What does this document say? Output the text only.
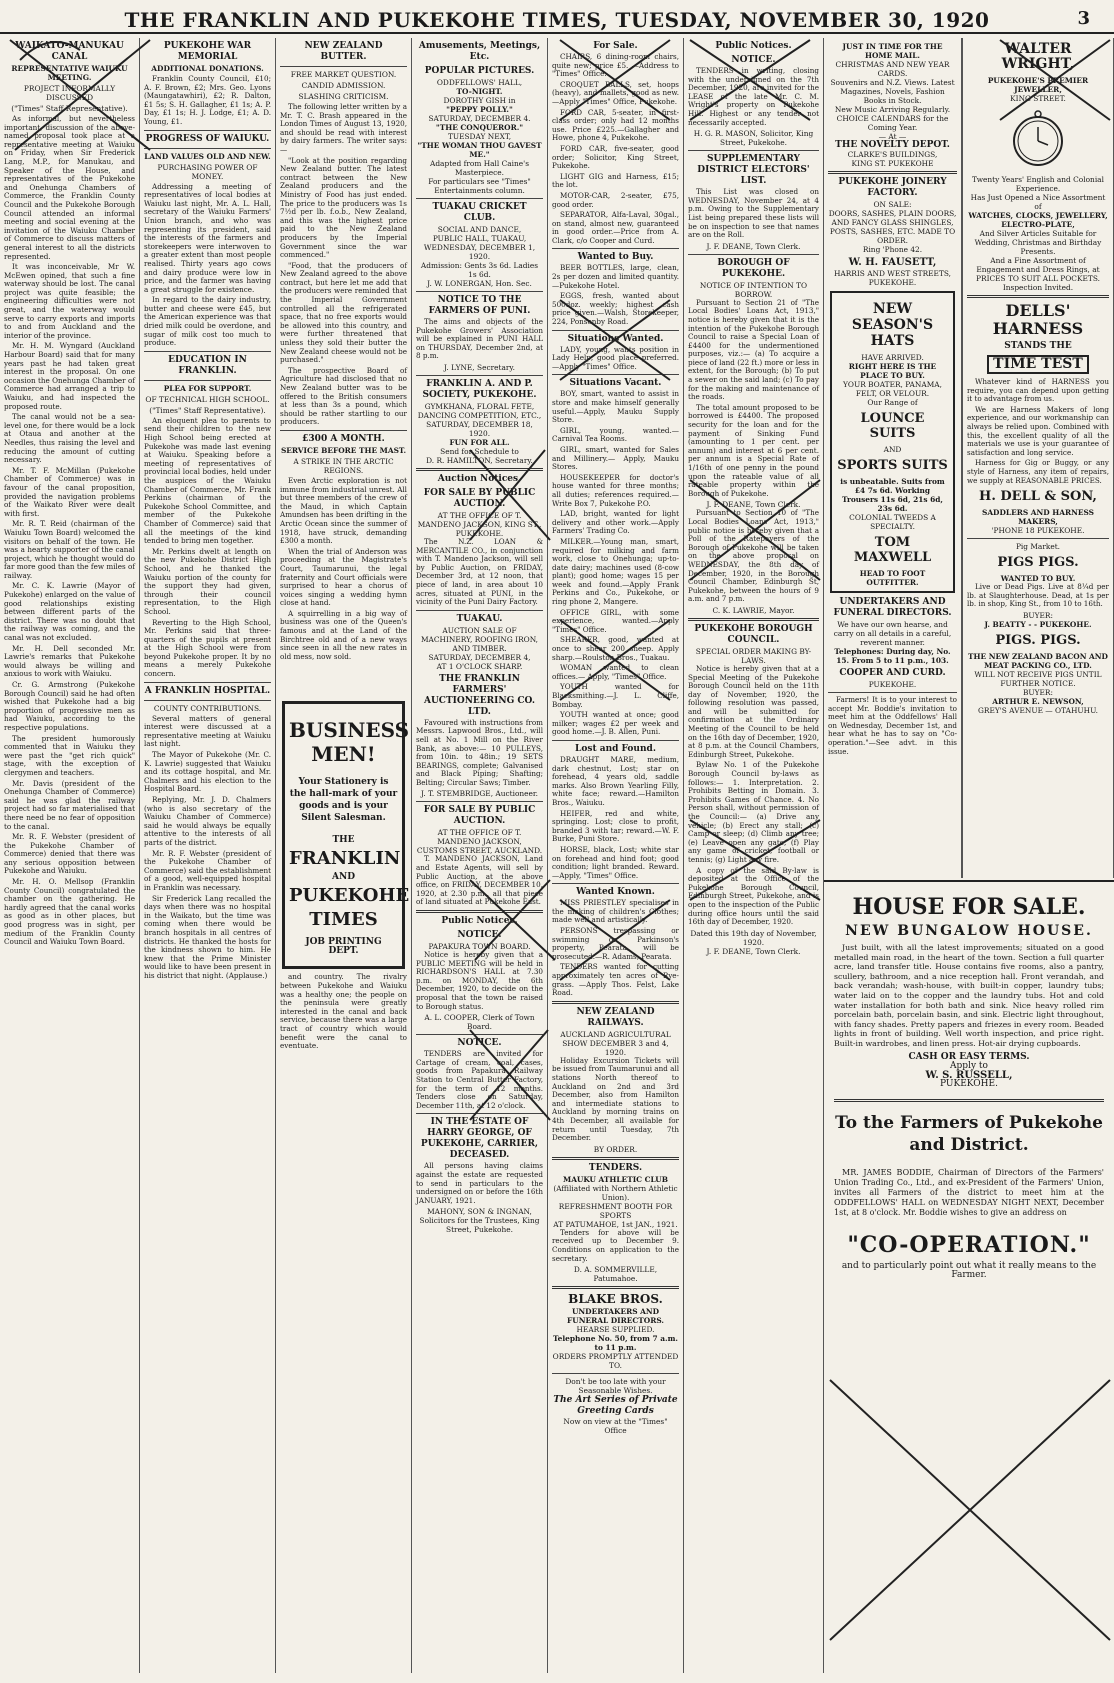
THE FRANKLIN AND PUKEKOHE TIMES, TUESDAY, NOVEMBER 30, 1920	3
WAIKATO-MANUKAU CANAL
REPRESENTATIVE WAIUKU MEETING.
PROJECT INFORMALLY DISCUSSED
("Times" Staff Representative).

As informal, but nevertheless important, discussion of the above-named proposal took place at a representative meeting at Waiuku on Friday, when Sir Frederick Lang, M.P., for Manukau, and Speaker of the House, and representatives of the Pukekohe and Onehunga Chambers of Commerce, the Franklin County Council and the Pukekohe Borough Council attended an informal meeting and social evening at the invitation of the Waiuku Chamber of Commerce to discuss matters of general interest to all the districts represented.

It was inconceivable, Mr W. McEwen opined, that such a fine waterway should be lost. The canal project was quite feasible; the engineering difficulties were not great, and the waterway would serve to carry exports and imports to and from Auckland and the interior of the province.

Mr. H. M. Wyngard (Auckland Harbour Board) said that for many years past he had taken great interest in the proposal. On one occasion the Onehunga Chamber of Commerce had arranged a trip to Waiuku, and had inspected the proposed route.

The canal would not be a sea-level one, for there would be a lock at Otaua and another at the Needles, thus raising the level and reducing the amount of cutting necessary.

Mr. T. F. McMillan (Pukekohe Chamber of Commerce) was in favour of the canal proposition, provided the navigation problems of the Waikato River were dealt with first.

Mr. R. T. Reid (chairman of the Waiuku Town Board) welcomed the visitors on behalf of the town. He was a hearty supporter of the canal project, which he thought would do far more good than the few miles of railway.

Mr. C. K. Lawrie (Mayor of Pukekohe) enlarged on the value of good relationships existing between different parts of the district. There was no doubt that the railway was coming, and the canal was not excluded.

Mr. H. Dell seconded Mr. Lawrie's remarks that Pukekohe would always be willing and anxious to work with Waiuku.

Cr. G. Armstrong (Pukekohe Borough Council) said he had often wished that Pukekohe had a big proportion of progressive men as had Waiuku, according to the respective populations.

The president humorously commented that in Waiuku they were past the "get rich quick" stage, with the exception of clergymen and teachers.

Mr. Davis (president of the Onehunga Chamber of Commerce) said he was glad the railway project had so far materialised that there need be no fear of opposition to the canal.

Mr. R. F. Webster (president of the Pukekohe Chamber of Commerce) denied that there was any serious opposition between Pukekohe and Waiuku.

Mr. H. O. Mellsop (Franklin County Council) congratulated the chamber on the gathering. He hardly agreed that the canal works as good as in other places, but good progress was in sight, per medium of the Franklin County Council and Waiuku Town Board.

PUKEKOHE WAR MEMORIAL
ADDITIONAL DONATIONS.

Franklin County Council, £10; A. F. Brown, £2; Mrs. Geo. Lyons (Maungatawhiri), £2; R. Dalton, £1 5s; S. H. Gallagher, £1 1s; A. P. Day, £1 1s; H. J. Lodge, £1; A. D. Young, £1.

PROGRESS OF WAIUKU.
LAND VALUES OLD AND NEW.
PURCHASING POWER OF MONEY.

Addressing a meeting of representatives of local bodies at Waiuku last night, Mr. A. L. Hall, secretary of the Waiuku Farmers' Union branch, and who was representing its president, said the interests of the farmers and storekeepers were interwoven to a greater extent than most people realised. Thirty years ago cows and dairy produce were low in price, and the farmer was having a great struggle for existence.

In regard to the dairy industry, butter and cheese were £45, but the American experience was that dried milk could be overdone, and sugar of milk cost too much to produce.

EDUCATION IN FRANKLIN.
PLEA FOR SUPPORT.
OF TECHNICAL HIGH SCHOOL.
("Times" Staff Representative).

An eloquent plea to parents to send their children to the new High School being erected at Pukekohe was made last evening at Waiuku. Speaking before a meeting of representatives of provincial local bodies, held under the auspices of the Waiuku Chamber of Commerce, Mr. Frank Perkins (chairman of the Pukekohe School Committee, and member of the Pukekohe Chamber of Commerce) said that all the meetings of the kind tended to bring men together.

Mr. Perkins dwelt at length on the new Pukekohe District High School, and he thanked the Waiuku portion of the county for the support they had given, through their council representation, to the High School.

Reverting to the High School, Mr. Perkins said that three-quarters of the pupils at present at the High School were from beyond Pukekohe proper. It by no means a merely Pukekohe concern.

A FRANKLIN HOSPITAL.
COUNTY CONTRIBUTIONS.

Several matters of general interest were discussed at a representative meeting at Waiuku last night.

The Mayor of Pukekohe (Mr. C. K. Lawrie) suggested that Waiuku and its cottage hospital, and Mr. Chalmers and his election to the Hospital Board.

Replying, Mr. J. D. Chalmers (who is also secretary of the Waiuku Chamber of Commerce) said he would always be equally attentive to the interests of all parts of the district.

Mr. R. F. Webster (president of the Pukekohe Chamber of Commerce) said the establishment of a good, well-equipped hospital in Franklin was necessary.

Sir Frederick Lang recalled the days when there was no hospital in the Waikato, but the time was coming when there would be branch hospitals in all centres of districts. He thanked the hosts for the kindness shown to him. He knew that the Prime Minister would like to have been present in his district that night. (Applause.)

NEW ZEALAND BUTTER.
FREE MARKET QUESTION.
CANDID ADMISSION.
SLASHING CRITICISM.

The following letter written by a Mr. T. C. Brash appeared in the London Times of August 13, 1920, and should be read with interest by dairy farmers. The writer says:—

"Look at the position regarding New Zealand butter. The latest contract between the New Zealand producers and the Ministry of Food has just ended. The price to the producers was 1s 7½d per lb. f.o.b., New Zealand, and this was the highest price paid to the New Zealand producers by the Imperial Government since the war commenced."

"Food, that the producers of New Zealand agreed to the above contract, but here let me add that the producers were reminded that the Imperial Government controlled all the refrigerated space, that no free exports would be allowed into this country, and were further threatened that unless they sold their butter the New Zealand cheese would not be purchased."

The prospective Board of Agriculture had disclosed that no New Zealand butter was to be offered to the British consumers at less than 3s a pound, which should be rather startling to our producers.

£300 A MONTH.
SERVICE BEFORE THE MAST.
A STRIKE IN THE ARCTIC REGIONS.

Even Arctic exploration is not immune from industrial unrest. All but three members of the crew of the Maud, in which Captain Amundsen has been drifting in the Arctic Ocean since the summer of 1918, have struck, demanding £300 a month.

When the trial of Anderson was proceeding at the Magistrate's Court, Taumarunui, the legal fraternity and Court officials were surprised to hear a chorus of voices singing a wedding hymn close at hand.

A squirrelling in a big way of business was one of the Queen's famous and at the Land of the Birchtree old and of a new ways since seen in all the new rates in old mess, now sold.

BUSINESS MEN!
Your Stationery is the hall-mark of your goods and is your Silent Salesman.
THE
FRANKLIN
AND
PUKEKOHE
TIMES
JOB PRINTING DEPT.

and country. The rivalry between Pukekohe and Waiuku was a healthy one; the people on the peninsula were greatly interested in the canal and back service, because there was a large tract of country which would benefit were the canal to eventuate.

Amusements, Meetings, Etc.
POPULAR PICTURES.
ODDFELLOWS' HALL,
TO-NIGHT.
DOROTHY GISH in
"PEPPY POLLY."
SATURDAY, DECEMBER 4.
"THE CONQUEROR."
TUESDAY NEXT,
"THE WOMAN THOU GAVEST ME."
Adapted from Hall Caine's Masterpiece.
For particulars see "Times" Entertainments column.
TUAKAU CRICKET CLUB.
SOCIAL AND DANCE,
PUBLIC HALL, TUAKAU,
WEDNESDAY, DECEMBER 1, 1920.
Admission: Gents 3s 6d. Ladies 1s 6d.
J. W. LONERGAN, Hon. Sec.
NOTICE TO THE FARMERS OF PUNI.

The aims and objects of the Pukekohe Growers' Association will be explained in PUNI HALL on THURSDAY, December 2nd, at 8 p.m.

J. LYNE, Secretary.
FRANKLIN A. AND P. SOCIETY, PUKEKOHE.
GYMKHANA, FLORAL FETE, DANCING COMPETITION, ETC.,
SATURDAY, DECEMBER 18, 1920.
FUN FOR ALL.
Send for Schedule to
D. R. HAMILTON, Secretary.
Auction Notices.
FOR SALE BY PUBLIC AUCTION.
AT THE OFFICE OF T. MANDENO JACKSON, KING ST., PUKEKOHE.

The N.Z. LOAN & MERCANTILE CO., in conjunction with T. Mandeno Jackson, will sell by Public Auction, on FRIDAY, December 3rd, at 12 noon, that piece of land, in area about 10 acres, situated at PUNI, in the vicinity of the Puni Dairy Factory.

TUAKAU.
AUCTION SALE OF MACHINERY, ROOFING IRON, AND TIMBER.
SATURDAY, DECEMBER 4,
AT 1 O'CLOCK SHARP.
THE FRANKLIN FARMERS' AUCTIONEERING CO. LTD.

Favoured with instructions from Messrs. Lapwood Bros., Ltd., will sell at No. 1 Mill on the River Bank, as above:— 10 PULLEYS, from 10in. to 48in.; 19 SETS BEARINGS, complete; Galvanised and Black Piping; Shafting; Belting; Circular Saws; Timber.

J. T. STEMBRIDGE, Auctioneer.
FOR SALE BY PUBLIC AUCTION.
AT THE OFFICE OF T. MANDENO JACKSON, CUSTOMS STREET, AUCKLAND.

T. MANDENO JACKSON, Land and Estate Agents, will sell by Public Auction, at the above office, on FRIDAY, DECEMBER 10, 1920, at 2.30 p.m., all that piece of land situated at Pukekohe East.

Public Notices.
NOTICE.
PAPAKURA TOWN BOARD.

Notice is hereby given that a PUBLIC MEETING will be held in RICHARDSON'S HALL at 7.30 p.m. on MONDAY, the 6th December, 1920, to decide on the proposal that the town be raised to Borough status.

A. L. COOPER, Clerk of Town Board.
NOTICE.

TENDERS are invited for Cartage of cream, coal, cases, goods from Papakura Railway Station to Central Butter Factory, for the term of 12 months. Tenders close on Saturday, December 11th, at 12 o'clock.

IN THE ESTATE OF HARRY GEORGE, OF PUKEKOHE, CARRIER, DECEASED.

All persons having claims against the estate are requested to send in particulars to the undersigned on or before the 16th JANUARY, 1921.

MAHONY, SON & INGNAN, Solicitors for the Trustees, King Street, Pukekohe.
For Sale.

CHAIRS, 6 dining-room chairs, quite new; price £5. —Address to "Times" Office.

CROQUET BALLS, set, hoops (heavy), and mallets, good as new.—Apply "Times" Office, Pukekohe.

FORD CAR, 5-seater, in first-class order; only had 12 months use. Price £225.—Gallagher and Howe, phone 4, Pukekohe.

FORD CAR, five-seater, good order; Solicitor, King Street, Pukekohe.

LIGHT GIG and Harness, £15; the lot.

MOTOR-CAR, 2-seater, £75, good order.

SEPARATOR, Alfa-Laval, 30gal., on stand, almost new, guaranteed in good order.—Price from A. Clark, c/o Cooper and Curd.

Wanted to Buy.

BEER BOTTLES, large, clean, 2s per dozen and limited quantity.—Pukekohe Hotel.

EGGS, fresh, wanted about 500doz. weekly; highest cash price given.—Walsh, Storekeeper, 224, Ponsonby Road.

Situations Wanted.

LADY, young, wants position in Lady Help; good place preferred.—Apply "Times" Office.

Situations Vacant.

BOY, smart, wanted to assist in store and make himself generally useful.—Apply, Mauku Supply Store.

GIRL, young, wanted.— Carnival Tea Rooms.

GIRL, smart, wanted for Sales and Millinery.— Apply, Mauku Stores.

HOUSEKEEPER for doctor's house wanted for three months; all duties; references required.—Write Box 7, Pukekohe P.O.

LAD, bright, wanted for light delivery and other work.—Apply Farmers' Trading Co.

MILKER.—Young man, smart, required for milking and farm work, close to Onehunga; up-to-date dairy; machines used (8-cow plant); good home; wages 15 per week and found.—Apply Frank Perkins and Co., Pukekohe, or ring phone 2, Mangere.

OFFICE GIRL, with some experience, wanted.—Apply "Times" Office.

SHEARER, good, wanted at once to shear 200 sheep. Apply sharp.—Roulston Bros., Tuakau.

WOMAN wanted to clean offices.— Apply, "Times" Office.

YOUTH wanted for Blacksmithing.—J. L. Cliffe, Bombay.

YOUTH wanted at once; good milker; wages £2 per week and good home.—J. B. Allen, Puni.

Lost and Found.

DRAUGHT MARE, medium, dark chestnut, Lost; star on forehead, 4 years old, saddle marks. Also Brown Yearling Filly, white face; reward.—Hamilton Bros., Waiuku.

HEIFER, red and white, springing. Lost; close to profit, branded 3 with tar; reward.—W. F. Burke, Puni Store.

HORSE, black, Lost; white star on forehead and hind foot; good condition; light branded. Reward.—Apply, "Times" Office.

Wanted Known.

MISS PRIESTLEY specialises in the making of children's Clothes; made well and artistically.

PERSONS trespassing or swimming on Parkinson's property, Pearata, will be prosecuted.—R. Adams, Pearata.

TENDERS wanted for cutting approximately ten acres of Rye-grass. —Apply Thos. Felst, Lake Road.

NEW ZEALAND RAILWAYS.
AUCKLAND AGRICULTURAL SHOW DECEMBER 3 and 4, 1920.

Holiday Excursion Tickets will be issued from Taumarunui and all stations North thereof to Auckland on 2nd and 3rd December, also from Hamilton and intermediate stations to Auckland by morning trains on 4th December, all available for return until Tuesday, 7th December.

BY ORDER.
TENDERS.
MAUKU ATHLETIC CLUB
(Affiliated with Northern Athletic Union).
REFRESHMENT BOOTH FOR SPORTS
AT PATUMAHOE, 1st JAN., 1921.

Tenders for above will be received up to December 9. Conditions on application to the secretary.

D. A. SOMMERVILLE, Patumahoe.
BLAKE BROS.
UNDERTAKERS AND FUNERAL DIRECTORS.
HEARSE SUPPLIED.
Telephone No. 50, from 7 a.m. to 11 p.m.
ORDERS PROMPTLY ATTENDED TO.
Don't be too late with your Seasonable Wishes.
The Art Series of Private Greeting Cards
Now on view at the "Times" Office
Public Notices.
NOTICE.

TENDERS in writing, closing with the undersigned on the 7th December, 1920, are invited for the LEASE of the late Mr. C. M. Wright's property on Pukekohe Hill. Highest or any tender not necessarily accepted.

H. G. R. MASON, Solicitor, King Street, Pukekohe.
SUPPLEMENTARY DISTRICT ELECTORS' LIST.

This List was closed on WEDNESDAY, November 24, at 4 p.m. Owing to the Supplementary List being prepared these lists will be on inspection to see that names are on the Roll.

J. F. DEANE, Town Clerk.
BOROUGH OF PUKEKOHE.
NOTICE OF INTENTION TO BORROW.

Pursuant to Section 21 of "The Local Bodies' Loans Act, 1913," notice is hereby given that it is the intention of the Pukekohe Borough Council to raise a Special Loan of £4400 for the undermentioned purposes, viz.:— (a) To acquire a piece of land (22 ft.) more or less in extent, for the Borough; (b) To put a sewer on the said land; (c) To pay for the making and maintenance of the roads.

The total amount proposed to be borrowed is £4400. The proposed security for the loan and for the payment of Sinking Fund (amounting to 1 per cent. per annum) and interest at 6 per cent. per annum is a Special Rate of 1/16th of one penny in the pound upon the rateable value of all rateable property within the Borough of Pukekohe.

J. F. DEANE, Town Clerk.

Pursuant to Section 10 of "The Local Bodies Loans Act, 1913," public notice is hereby given that a Poll of the Ratepayers of the Borough of Pukekohe will be taken on the above proposal on WEDNESDAY, the 8th day of December, 1920, in the Borough Council Chamber, Edinburgh St, Pukekohe, between the hours of 9 a.m. and 7 p.m.

C. K. LAWRIE, Mayor.
PUKEKOHE BOROUGH COUNCIL.
SPECIAL ORDER MAKING BY-LAWS.

Notice is hereby given that at a Special Meeting of the Pukekohe Borough Council held on the 11th day of November, 1920, the following resolution was passed, and will be submitted for confirmation at the Ordinary Meeting of the Council to be held on the 16th day of December, 1920, at 8 p.m. at the Council Chambers, Edinburgh Street, Pukekohe.

Bylaw No. 1 of the Pukekohe Borough Council by-laws as follows:— 1. Interpretation. 2. Prohibits Betting in Domain. 3. Prohibits Games of Chance. 4. No Person shall, without permission of the Council:— (a) Drive any vehicle; (b) Erect any stall; (c) Camp or sleep; (d) Climb any tree; (e) Leave open any gate; (f) Play any game of cricket, football or tennis; (g) Light any fire.

A copy of the said By-law is deposited at the Office of the Pukekohe Borough Council, Edinburgh Street, Pukekohe, and is open to the inspection of the Public during office hours until the said 16th day of December, 1920.

Dated this 19th day of November, 1920.
J. F. DEANE, Town Clerk.
JUST IN TIME FOR THE HOME MAIL.
CHRISTMAS AND NEW YEAR CARDS.
Souvenirs and N.Z. Views. Latest Magazines, Novels, Fashion Books in Stock.
New Music Arriving Regularly.
CHOICE CALENDARS for the Coming Year.
— At —
THE NOVELTY DEPOT.
CLARKE'S BUILDINGS,
KING ST. PUKEKOHE
PUKEKOHE JOINERY FACTORY.
ON SALE:
DOORS, SASHES, PLAIN DOORS, AND FANCY GLASS SHINGLES, POSTS, SASHES, ETC. MADE TO ORDER.
Ring 'Phone 42.
W. H. FAUSETT,
HARRIS AND WEST STREETS, PUKEKOHE.
NEW SEASON'S HATS
HAVE ARRIVED.
RIGHT HERE IS THE PLACE TO BUY.
YOUR BOATER, PANAMA, FELT, OR VELOUR.
Our Range of
LOUNCE SUITS
AND
SPORTS SUITS
is unbeatable. Suits from £4 7s 6d. Working Trousers 11s 6d, 21s 6d, 23s 6d.
COLONIAL TWEEDS A SPECIALTY.
TOM MAXWELL
HEAD TO FOOT OUTFITTER.
UNDERTAKERS AND FUNERAL DIRECTORS.
We have our own hearse, and carry on all details in a careful, reverent manner.
Telephones: During day, No. 15. From 5 to 11 p.m., 103.
COOPER AND CURD.
PUKEKOHE.

Farmers! It is to your interest to accept Mr. Boddie's invitation to meet him at the Oddfellows' Hall on Wednesday, December 1st, and hear what he has to say on "Co-operation."—See advt. in this issue.

WALTER WRIGHT,
PUKEKOHE'S PREMIER JEWELLER,
KING STREET.
Twenty Years' English and Colonial Experience.
Has Just Opened a Nice Assortment of
WATCHES, CLOCKS, JEWELLERY, ELECTRO-PLATE,
And Silver Articles Suitable for Wedding, Christmas and Birthday Presents.
And a Fine Assortment of Engagement and Dress Rings, at PRICES TO SUIT ALL POCKETS.
Inspection Invited.
DELLS' HARNESS
STANDS THE
TIME TEST

Whatever kind of HARNESS you require, you can depend upon getting it to advantage from us.

We are Harness Makers of long experience, and our workmanship can always be relied upon. Combined with this, the excellent quality of all the materials we use is your guarantee of satisfaction and long service.

Harness for Gig or Buggy, or any style of Harness, any item of repairs, we supply at REASONABLE PRICES.

H. DELL & SON,
SADDLERS AND HARNESS MAKERS,
'PHONE 18 PUKEKOHE.
Pig Market.
PIGS PIGS.
WANTED TO BUY.

Live or Dead Pigs. Live at 8¼d per lb. at Slaughterhouse. Dead, at 1s per lb. in shop, King St., from 10 to 16th.

BUYER:
J. BEATTY - - PUKEKOHE.
PIGS. PIGS.
THE NEW ZEALAND BACON AND MEAT PACKING CO., LTD.
WILL NOT RECEIVE PIGS UNTIL FURTHER NOTICE.
BUYER:
ARTHUR E. NEWSON,
GREY'S AVENUE — OTAHUHU.
HOUSE FOR SALE.
NEW BUNGALOW HOUSE.

Just built, with all the latest improvements; situated on a good metalled main road, in the heart of the town. Section a full quarter acre, land transfer title. House contains five rooms, also a pantry, scullery, bathroom, and a nice reception hall. Front verandah, and back verandah; wash-house, with built-in copper, laundry tubs; water laid on to the copper and the laundry tubs. Hot and cold water installation for both bath and sink. Nice heavy rolled rim porcelain bath, porcelain basin, and sink. Electric light throughout, with fancy shades. Pretty papers and friezes in every room. Beaded lights in front of building. Well worth inspection, and price right. Built-in wardrobes, and linen press. Hot-air drying cupboards.

CASH OR EASY TERMS.
Apply to
W. S. RUSSELL,
PUKEKOHE.
To the Farmers of Pukekohe and District.

MR. JAMES BODDIE, Chairman of Directors of the Farmers' Union Trading Co., Ltd., and ex-President of the Farmers' Union, invites all Farmers of the district to meet him at the ODDFELLOWS' HALL on WEDNESDAY NIGHT NEXT, December 1st, at 8 o'clock. Mr. Boddie wishes to give an address on

"CO-OPERATION."
and to particularly point out what it really means to the Farmer.
